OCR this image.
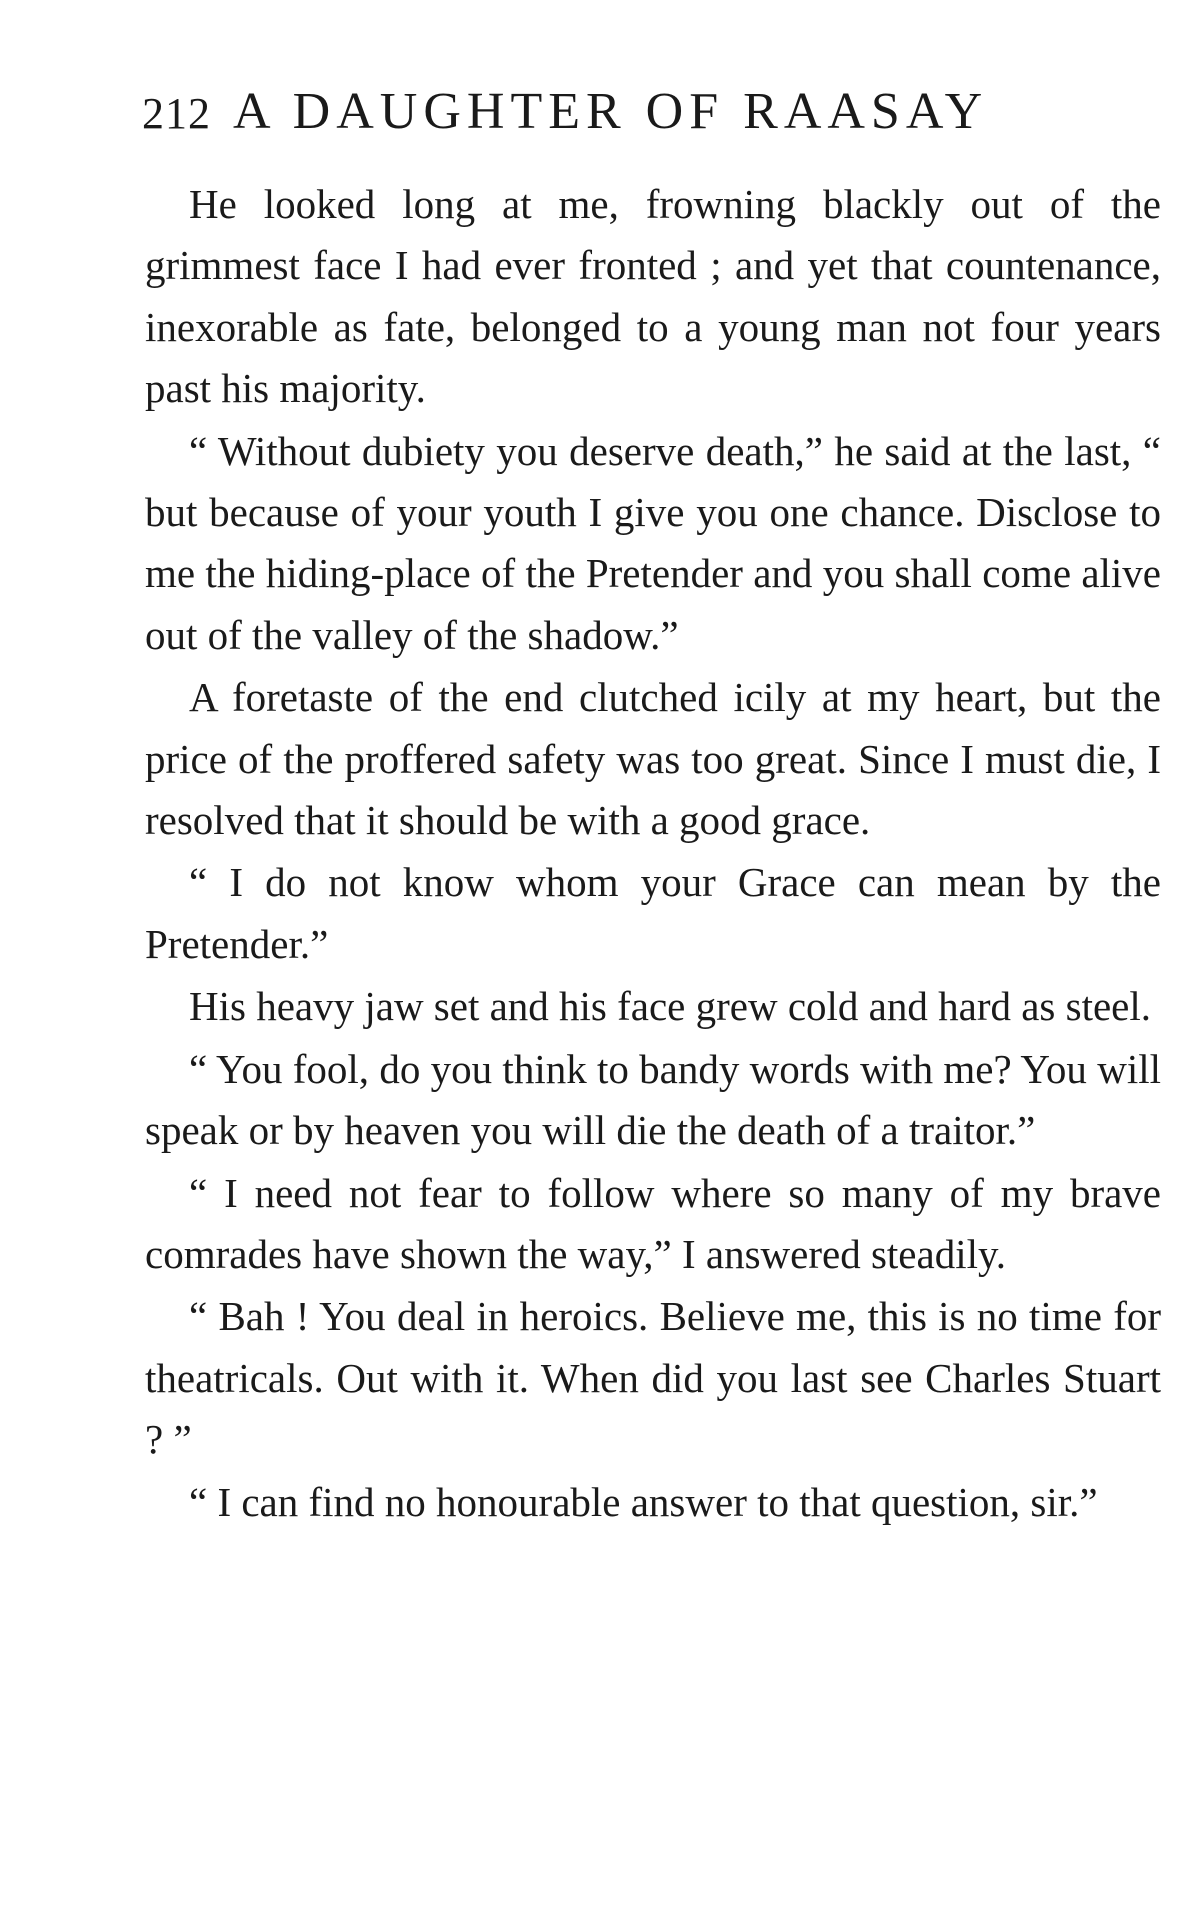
212 A DAUGHTER OF RAASAY

He looked long at me, frowning blackly out of the grimmest face I had ever fronted ; and yet that countenance, inexorable as fate, belonged to a young man not four years past his majority.

“ Without dubiety you deserve death,” he said at the last, “ but because of your youth I give you one chance. Disclose to me the hiding-place of the Pretender and you shall come alive out of the valley of the shadow.”

A foretaste of the end clutched icily at my heart, but the price of the proffered safety was too great. Since I must die, I resolved that it should be with a good grace.

“ I do not know whom your Grace can mean by the Pretender.”

His heavy jaw set and his face grew cold and hard as steel.

“ You fool, do you think to bandy words with me? You will speak or by heaven you will die the death of a traitor.”

“ I need not fear to follow where so many of my brave comrades have shown the way,” I answered steadily.

“ Bah ! You deal in heroics. Believe me, this is no time for theatricals. Out with it. When did you last see Charles Stuart ? ”

“ I can find no honourable answer to that question, sir.”
